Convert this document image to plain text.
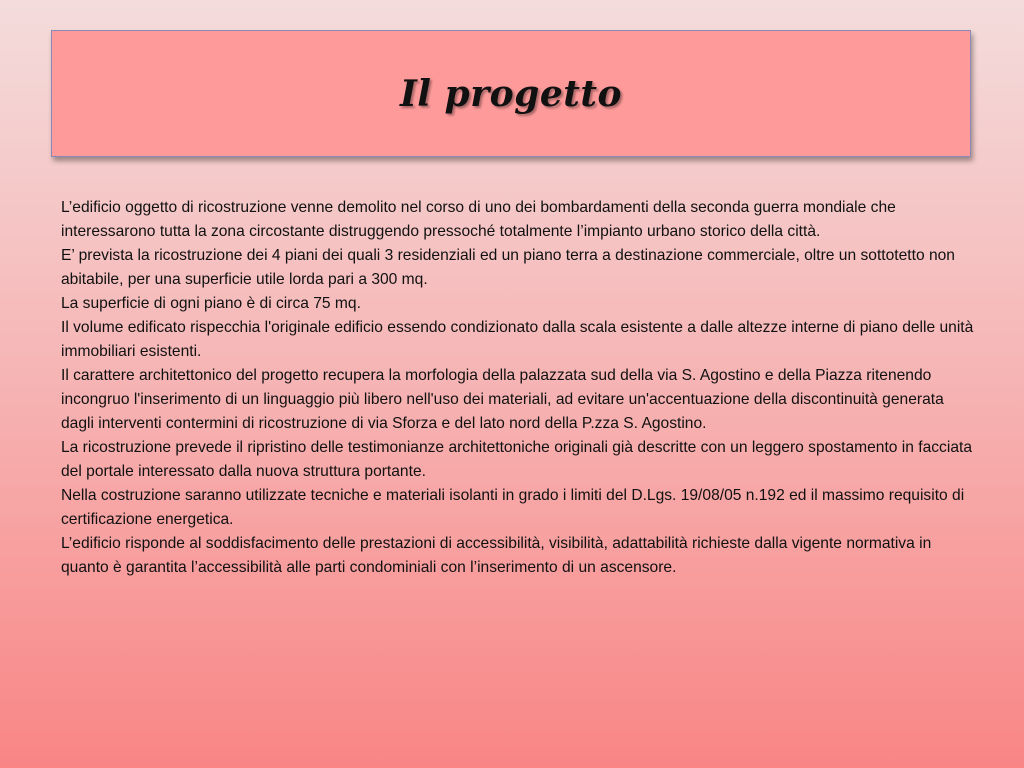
Il progetto

L’edificio oggetto di ricostruzione venne demolito nel corso di uno dei bombardamenti della seconda guerra mondiale che interessarono tutta la zona circostante distruggendo pressoché totalmente l’impianto urbano storico della città.

E’ prevista la ricostruzione dei 4 piani dei quali 3 residenziali ed un piano terra a destinazione commerciale, oltre un sottotetto non abitabile, per una superficie utile lorda pari a 300 mq.

La superficie di ogni piano è di circa 75 mq.

Il volume edificato rispecchia l'originale edificio essendo condizionato dalla scala esistente a dalle altezze interne di piano delle unità immobiliari esistenti.

Il carattere architettonico del progetto recupera la morfologia della palazzata sud della via S. Agostino e della Piazza ritenendo incongruo l'inserimento di un linguaggio più libero nell'uso dei materiali, ad evitare un'accentuazione della discontinuità generata dagli interventi contermini di ricostruzione di via Sforza e del lato nord della P.zza S. Agostino.

La ricostruzione prevede il ripristino delle testimonianze architettoniche originali già descritte con un leggero spostamento in facciata del portale interessato dalla nuova struttura portante.

Nella costruzione saranno utilizzate tecniche e materiali isolanti in grado i limiti del D.Lgs. 19/08/05 n.192 ed il massimo requisito di certificazione energetica.

L’edificio risponde al soddisfacimento delle prestazioni di accessibilità, visibilità, adattabilità richieste dalla vigente normativa in quanto è garantita l’accessibilità alle parti condominiali con l’inserimento di un ascensore.
